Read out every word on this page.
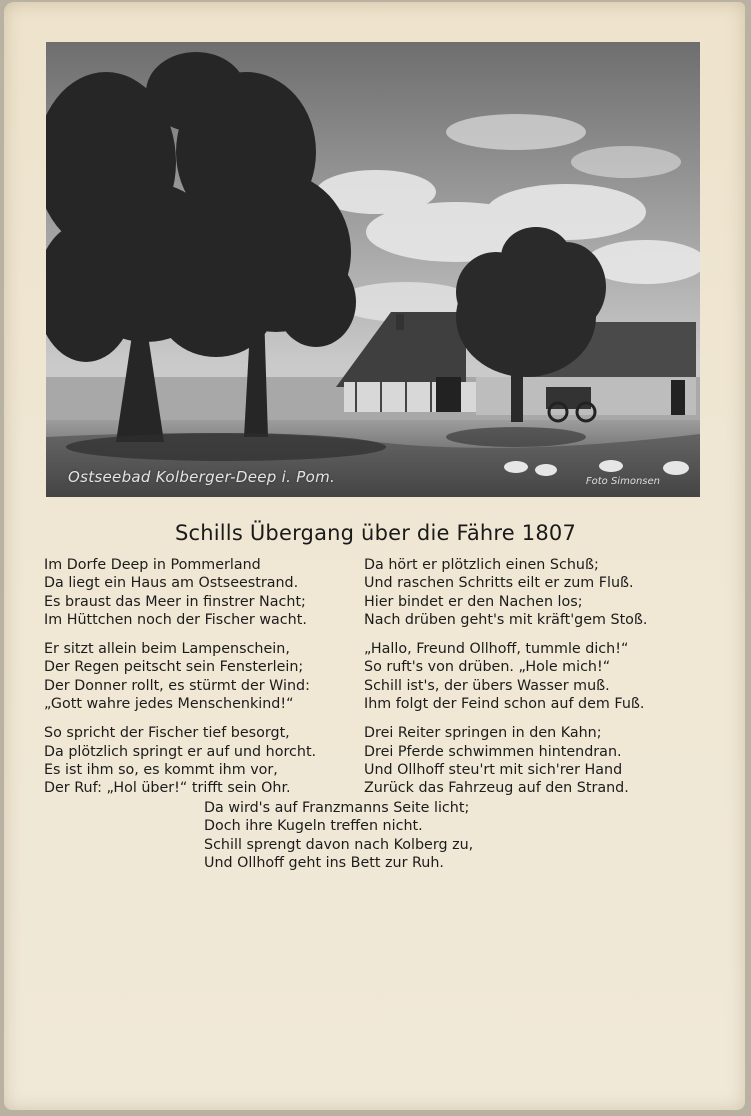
Ostseebad Kolberger-Deep i. Pom.	Foto Simonsen
Schills Übergang über die Fähre 1807
Im Dorfe Deep in Pommerland
Da liegt ein Haus am Ostseestrand.
Es braust das Meer in finstrer Nacht;
Im Hüttchen noch der Fischer wacht.
Er sitzt allein beim Lampenschein,
Der Regen peitscht sein Fensterlein;
Der Donner rollt, es stürmt der Wind:
„Gott wahre jedes Menschenkind!“
So spricht der Fischer tief besorgt,
Da plötzlich springt er auf und horcht.
Es ist ihm so, es kommt ihm vor,
Der Ruf: „Hol über!“ trifft sein Ohr.
Da hört er plötzlich einen Schuß;
Und raschen Schritts eilt er zum Fluß.
Hier bindet er den Nachen los;
Nach drüben geht's mit kräft'gem Stoß.
„Hallo, Freund Ollhoff, tummle dich!“
So ruft's von drüben. „Hole mich!“
Schill ist's, der übers Wasser muß.
Ihm folgt der Feind schon auf dem Fuß.
Drei Reiter springen in den Kahn;
Drei Pferde schwimmen hintendran.
Und Ollhoff steu'rt mit sich'rer Hand
Zurück das Fahrzeug auf den Strand.
Da wird's auf Franzmanns Seite licht;
Doch ihre Kugeln treffen nicht.
Schill sprengt davon nach Kolberg zu,
Und Ollhoff geht ins Bett zur Ruh.
